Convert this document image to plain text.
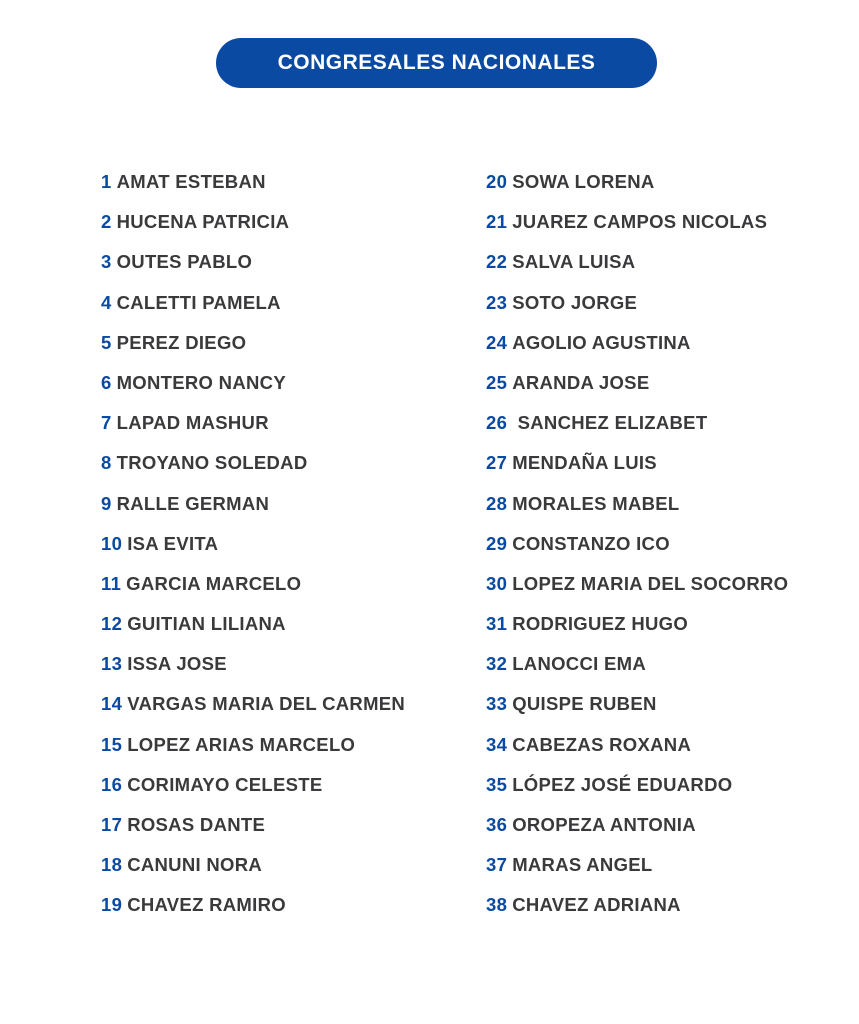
CONGRESALES NACIONALES
1 AMAT ESTEBAN
2 HUCENA PATRICIA
3 OUTES PABLO
4 CALETTI PAMELA
5 PEREZ DIEGO
6 MONTERO NANCY
7 LAPAD MASHUR
8 TROYANO SOLEDAD
9 RALLE GERMAN
10 ISA EVITA
11 GARCIA MARCELO
12 GUITIAN LILIANA
13 ISSA JOSE
14 VARGAS MARIA DEL CARMEN
15 LOPEZ ARIAS MARCELO
16 CORIMAYO CELESTE
17 ROSAS DANTE
18 CANUNI NORA
19 CHAVEZ RAMIRO
20 SOWA LORENA
21 JUAREZ CAMPOS NICOLAS
22 SALVA LUISA
23 SOTO JORGE
24 AGOLIO AGUSTINA
25 ARANDA JOSE
26 SANCHEZ ELIZABET
27 MENDAÑA LUIS
28 MORALES MABEL
29 CONSTANZO ICO
30 LOPEZ MARIA DEL SOCORRO
31 RODRIGUEZ HUGO
32 LANOCCI EMA
33 QUISPE RUBEN
34 CABEZAS ROXANA
35 LÓPEZ JOSÉ EDUARDO
36 OROPEZA ANTONIA
37 MARAS ANGEL
38 CHAVEZ ADRIANA
